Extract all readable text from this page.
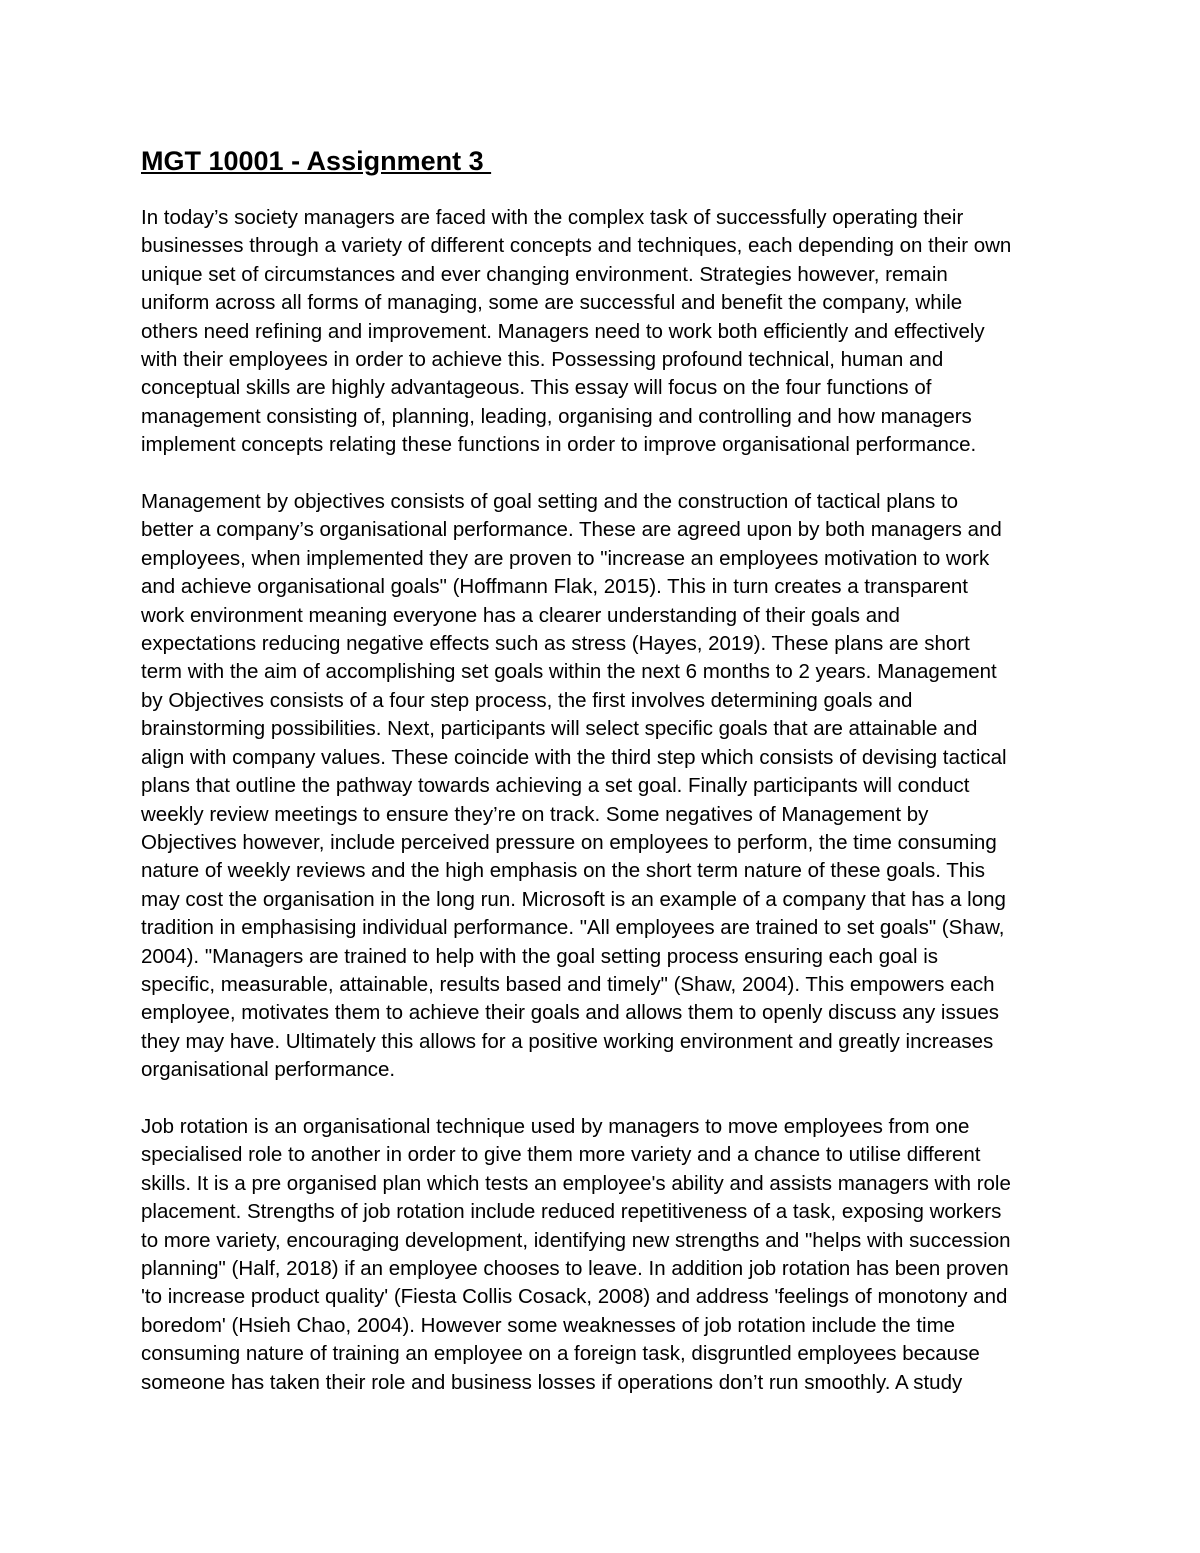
MGT 10001 - Assignment 3
In today’s society managers are faced with the complex task of successfully operating their
businesses through a variety of different concepts and techniques, each depending on their own
unique set of circumstances and ever changing environment. Strategies however, remain
uniform across all forms of managing, some are successful and benefit the company, while
others need refining and improvement. Managers need to work both efficiently and effectively
with their employees in order to achieve this. Possessing profound technical, human and
conceptual skills are highly advantageous. This essay will focus on the four functions of
management consisting of, planning, leading, organising and controlling and how managers
implement concepts relating these functions in order to improve organisational performance.
Management by objectives consists of goal setting and the construction of tactical plans to
better a company’s organisational performance. These are agreed upon by both managers and
employees, when implemented they are proven to "increase an employees motivation to work
and achieve organisational goals" (Hoffmann Flak, 2015). This in turn creates a transparent
work environment meaning everyone has a clearer understanding of their goals and
expectations reducing negative effects such as stress (Hayes, 2019). These plans are short
term with the aim of accomplishing set goals within the next 6 months to 2 years. Management
by Objectives consists of a four step process, the first involves determining goals and
brainstorming possibilities. Next, participants will select specific goals that are attainable and
align with company values. These coincide with the third step which consists of devising tactical
plans that outline the pathway towards achieving a set goal. Finally participants will conduct
weekly review meetings to ensure they’re on track. Some negatives of Management by
Objectives however, include perceived pressure on employees to perform, the time consuming
nature of weekly reviews and the high emphasis on the short term nature of these goals. This
may cost the organisation in the long run. Microsoft is an example of a company that has a long
tradition in emphasising individual performance. "All employees are trained to set goals" (Shaw,
2004). "Managers are trained to help with the goal setting process ensuring each goal is
specific, measurable, attainable, results based and timely" (Shaw, 2004). This empowers each
employee, motivates them to achieve their goals and allows them to openly discuss any issues
they may have. Ultimately this allows for a positive working environment and greatly increases
organisational performance.
Job rotation is an organisational technique used by managers to move employees from one
specialised role to another in order to give them more variety and a chance to utilise different
skills. It is a pre organised plan which tests an employee's ability and assists managers with role
placement. Strengths of job rotation include reduced repetitiveness of a task, exposing workers
to more variety, encouraging development, identifying new strengths and "helps with succession
planning" (Half, 2018) if an employee chooses to leave. In addition job rotation has been proven
'to increase product quality' (Fiesta Collis Cosack, 2008) and address 'feelings of monotony and
boredom' (Hsieh Chao, 2004). However some weaknesses of job rotation include the time
consuming nature of training an employee on a foreign task, disgruntled employees because
someone has taken their role and business losses if operations don’t run smoothly. A study
